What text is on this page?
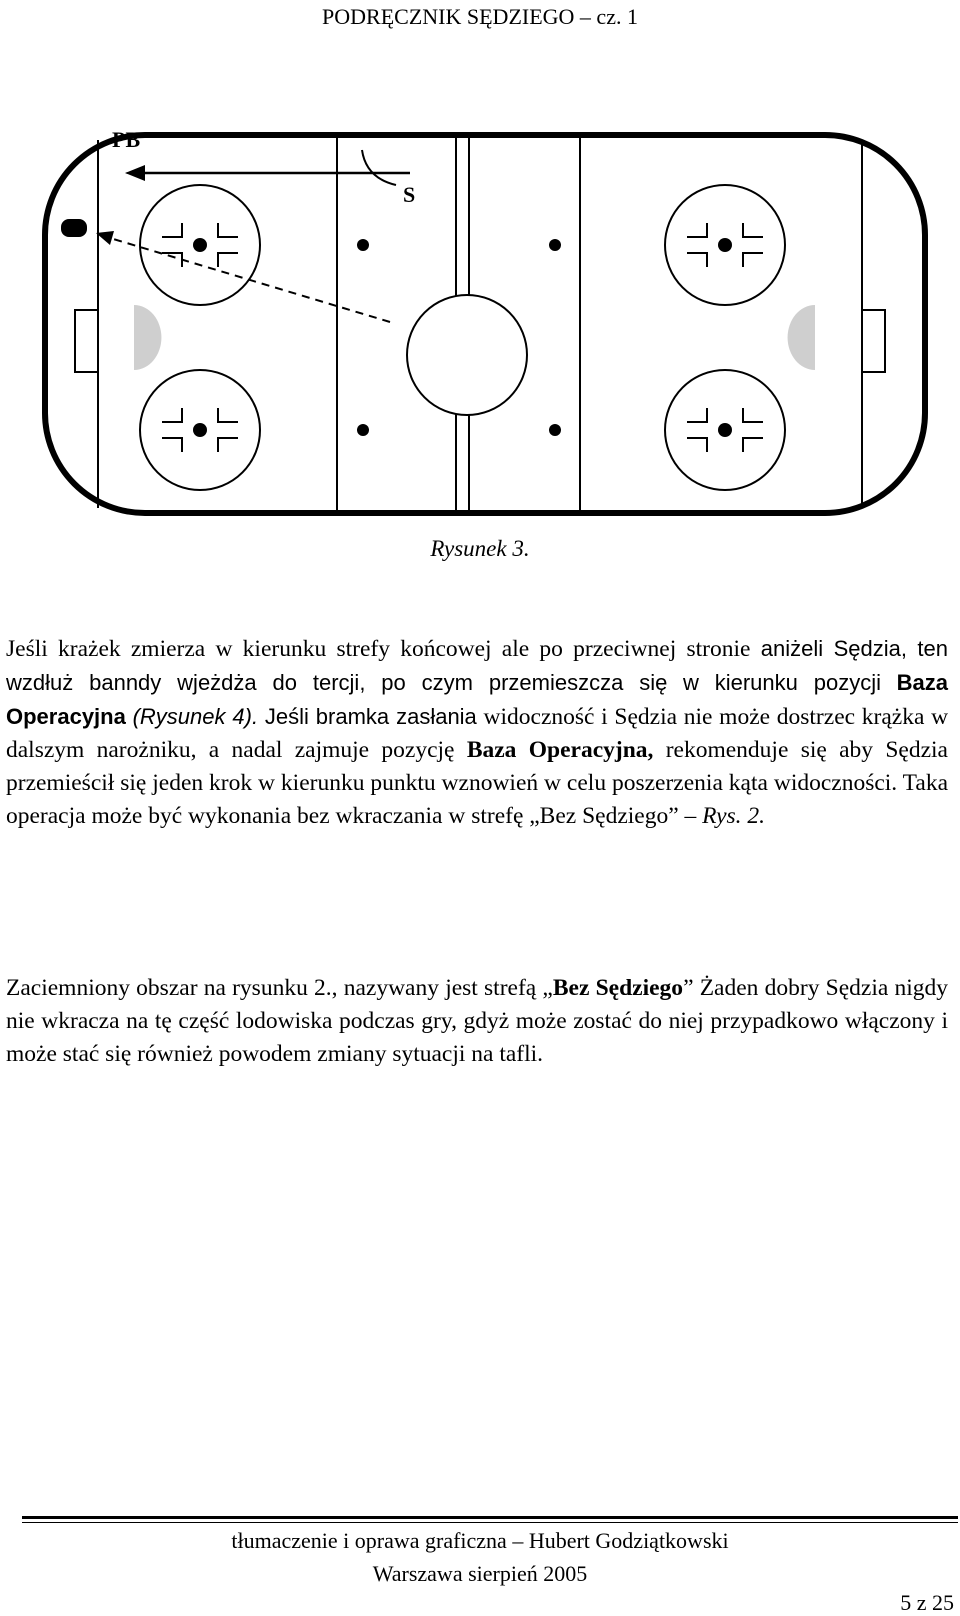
PODRĘCZNIK SĘDZIEGO – cz. 1
PB
S
Rysunek 3.

Jeśli krażek zmierza w kierunku strefy końcowej ale po przeciwnej stronie aniżeli Sędzia, ten wzdłuż banndy wjeżdża do tercji, po czym przemieszcza się w kierunku pozycji Baza Operacyjna (Rysunek 4). Jeśli bramka zasłania widoczność i Sędzia nie może dostrzec krążka w dalszym narożniku, a nadal zajmuje pozycję Baza Operacyjna, rekomenduje się aby Sędzia przemieścił się jeden krok w kierunku punktu wznowień w celu poszerzenia kąta widoczności. Taka operacja może być wykonania bez wkraczania w strefę „Bez Sędziego” – Rys. 2.

Zaciemniony obszar na rysunku 2., nazywany jest strefą „Bez Sędziego” Żaden dobry Sędzia nigdy nie wkracza na tę część lodowiska podczas gry, gdyż może zostać do niej przypadkowo włączony i może stać się również powodem zmiany sytuacji na tafli.

tłumaczenie i oprawa graficzna – Hubert Godziątkowski
Warszawa sierpień 2005
5 z 25
